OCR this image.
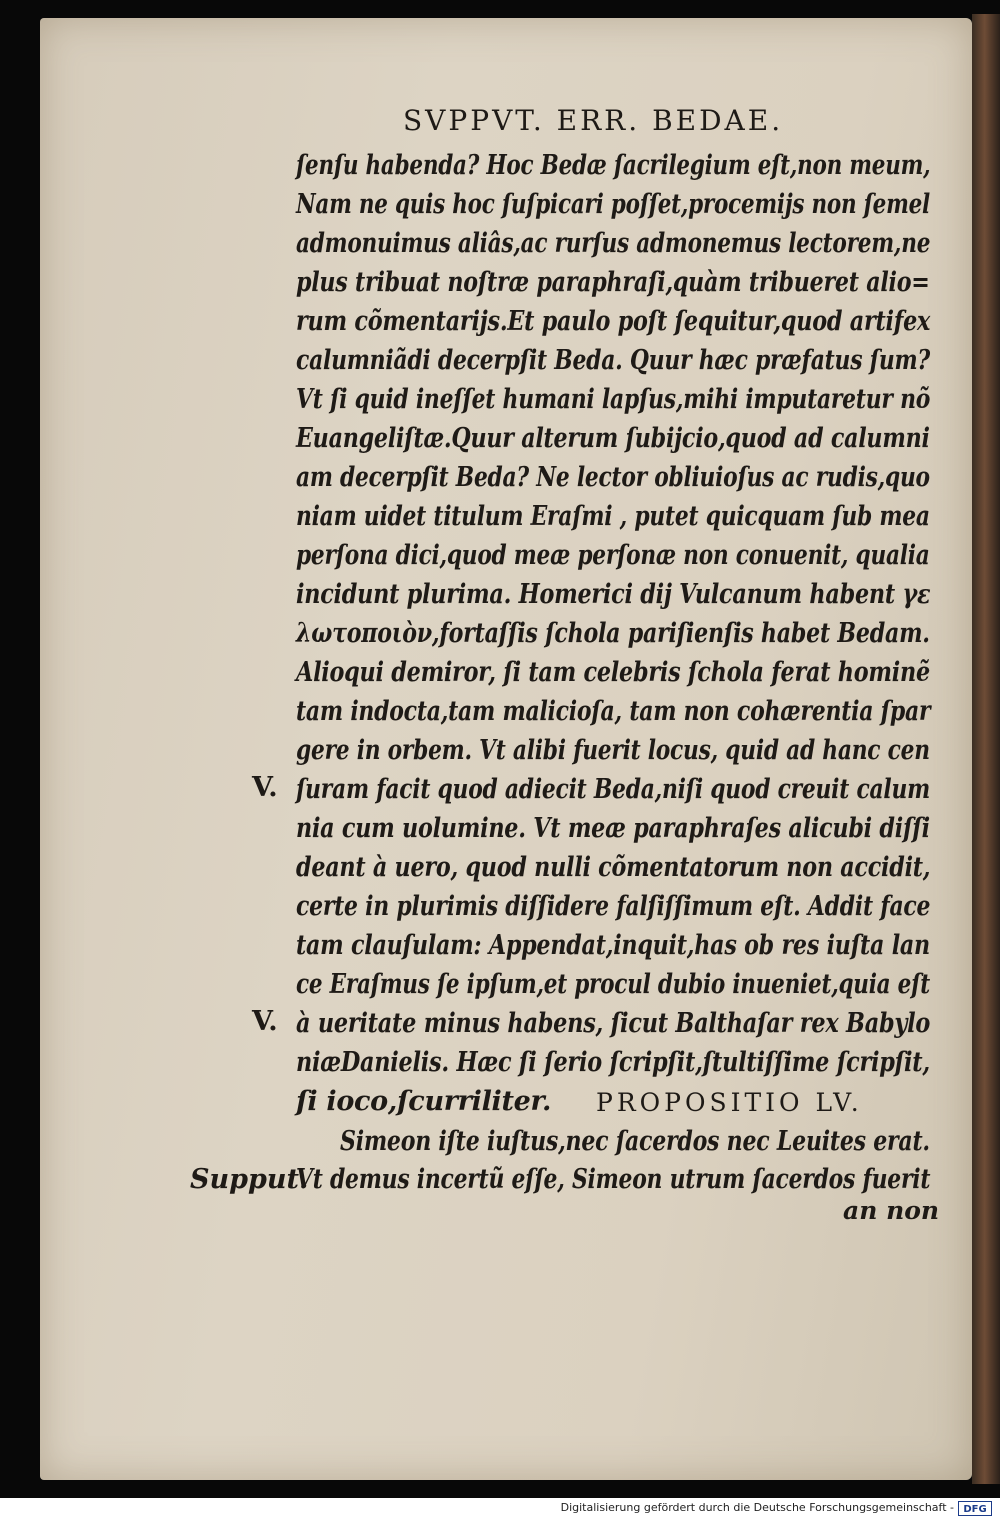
SVPPVT. ERR. BEDAE.
ſenſu habenda? Hoc Bedæ ſacrilegium eſt,non meum,
Nam ne quis hoc ſuſpicari poſſet,procemijs non ſemel
admonuimus aliâs,ac rurſus admonemus lectorem,ne
plus tribuat noſtræ paraphraſi,quàm tribueret alio=
rum cõmentarijs.Et paulo poſt ſequitur,quod artifex
calumniãdi decerpſit Beda. Quur hæc præfatus ſum?
Vt ſi quid ineſſet humani lapſus,mihi imputaretur nõ
Euangeliſtæ.Quur alterum ſubijcio,quod ad calumni
am decerpſit Beda? Ne lector obliuioſus ac rudis,quo
niam uidet titulum Eraſmi , putet quicquam ſub mea
perſona dici,quod meæ perſonæ non conuenit, qualia
incidunt plurima. Homerici dij Vulcanum habent γε
λωτοποιὸν,fortaſſis ſchola pariſienſis habet Bedam.
Alioqui demiror, ſi tam celebris ſchola ferat hominẽ
tam indocta,tam malicioſa, tam non cohærentia ſpar
gere in orbem. Vt alibi fuerit locus, quid ad hanc cen
ſuram facit quod adiecit Beda,niſi quod creuit calum
nia cum uolumine. Vt meæ paraphraſes alicubi diſſi
deant à uero, quod nulli cõmentatorum non accidit,
certe in plurimis diſſidere falſiſſimum eſt. Addit face
tam clauſulam: Appendat,inquit,has ob res iuſta lan
ce Eraſmus ſe ipſum,et procul dubio inueniet,quia eſt
à ueritate minus habens, ſicut Balthaſar rex Babylo
niæDanielis. Hæc ſi ſerio ſcripſit,ſtultiſſime ſcripſit,
ſi ioco,ſcurriliter.
Simeon iſte iuſtus,nec ſacerdos nec Leuites erat.
Vt demus incertũ eſſe, Simeon utrum ſacerdos fuerit
PROPOSITIO LV.
an non
V.
V.
Supput.
Digitalisierung gefördert durch die Deutsche Forschungsgemeinschaft - DFG
